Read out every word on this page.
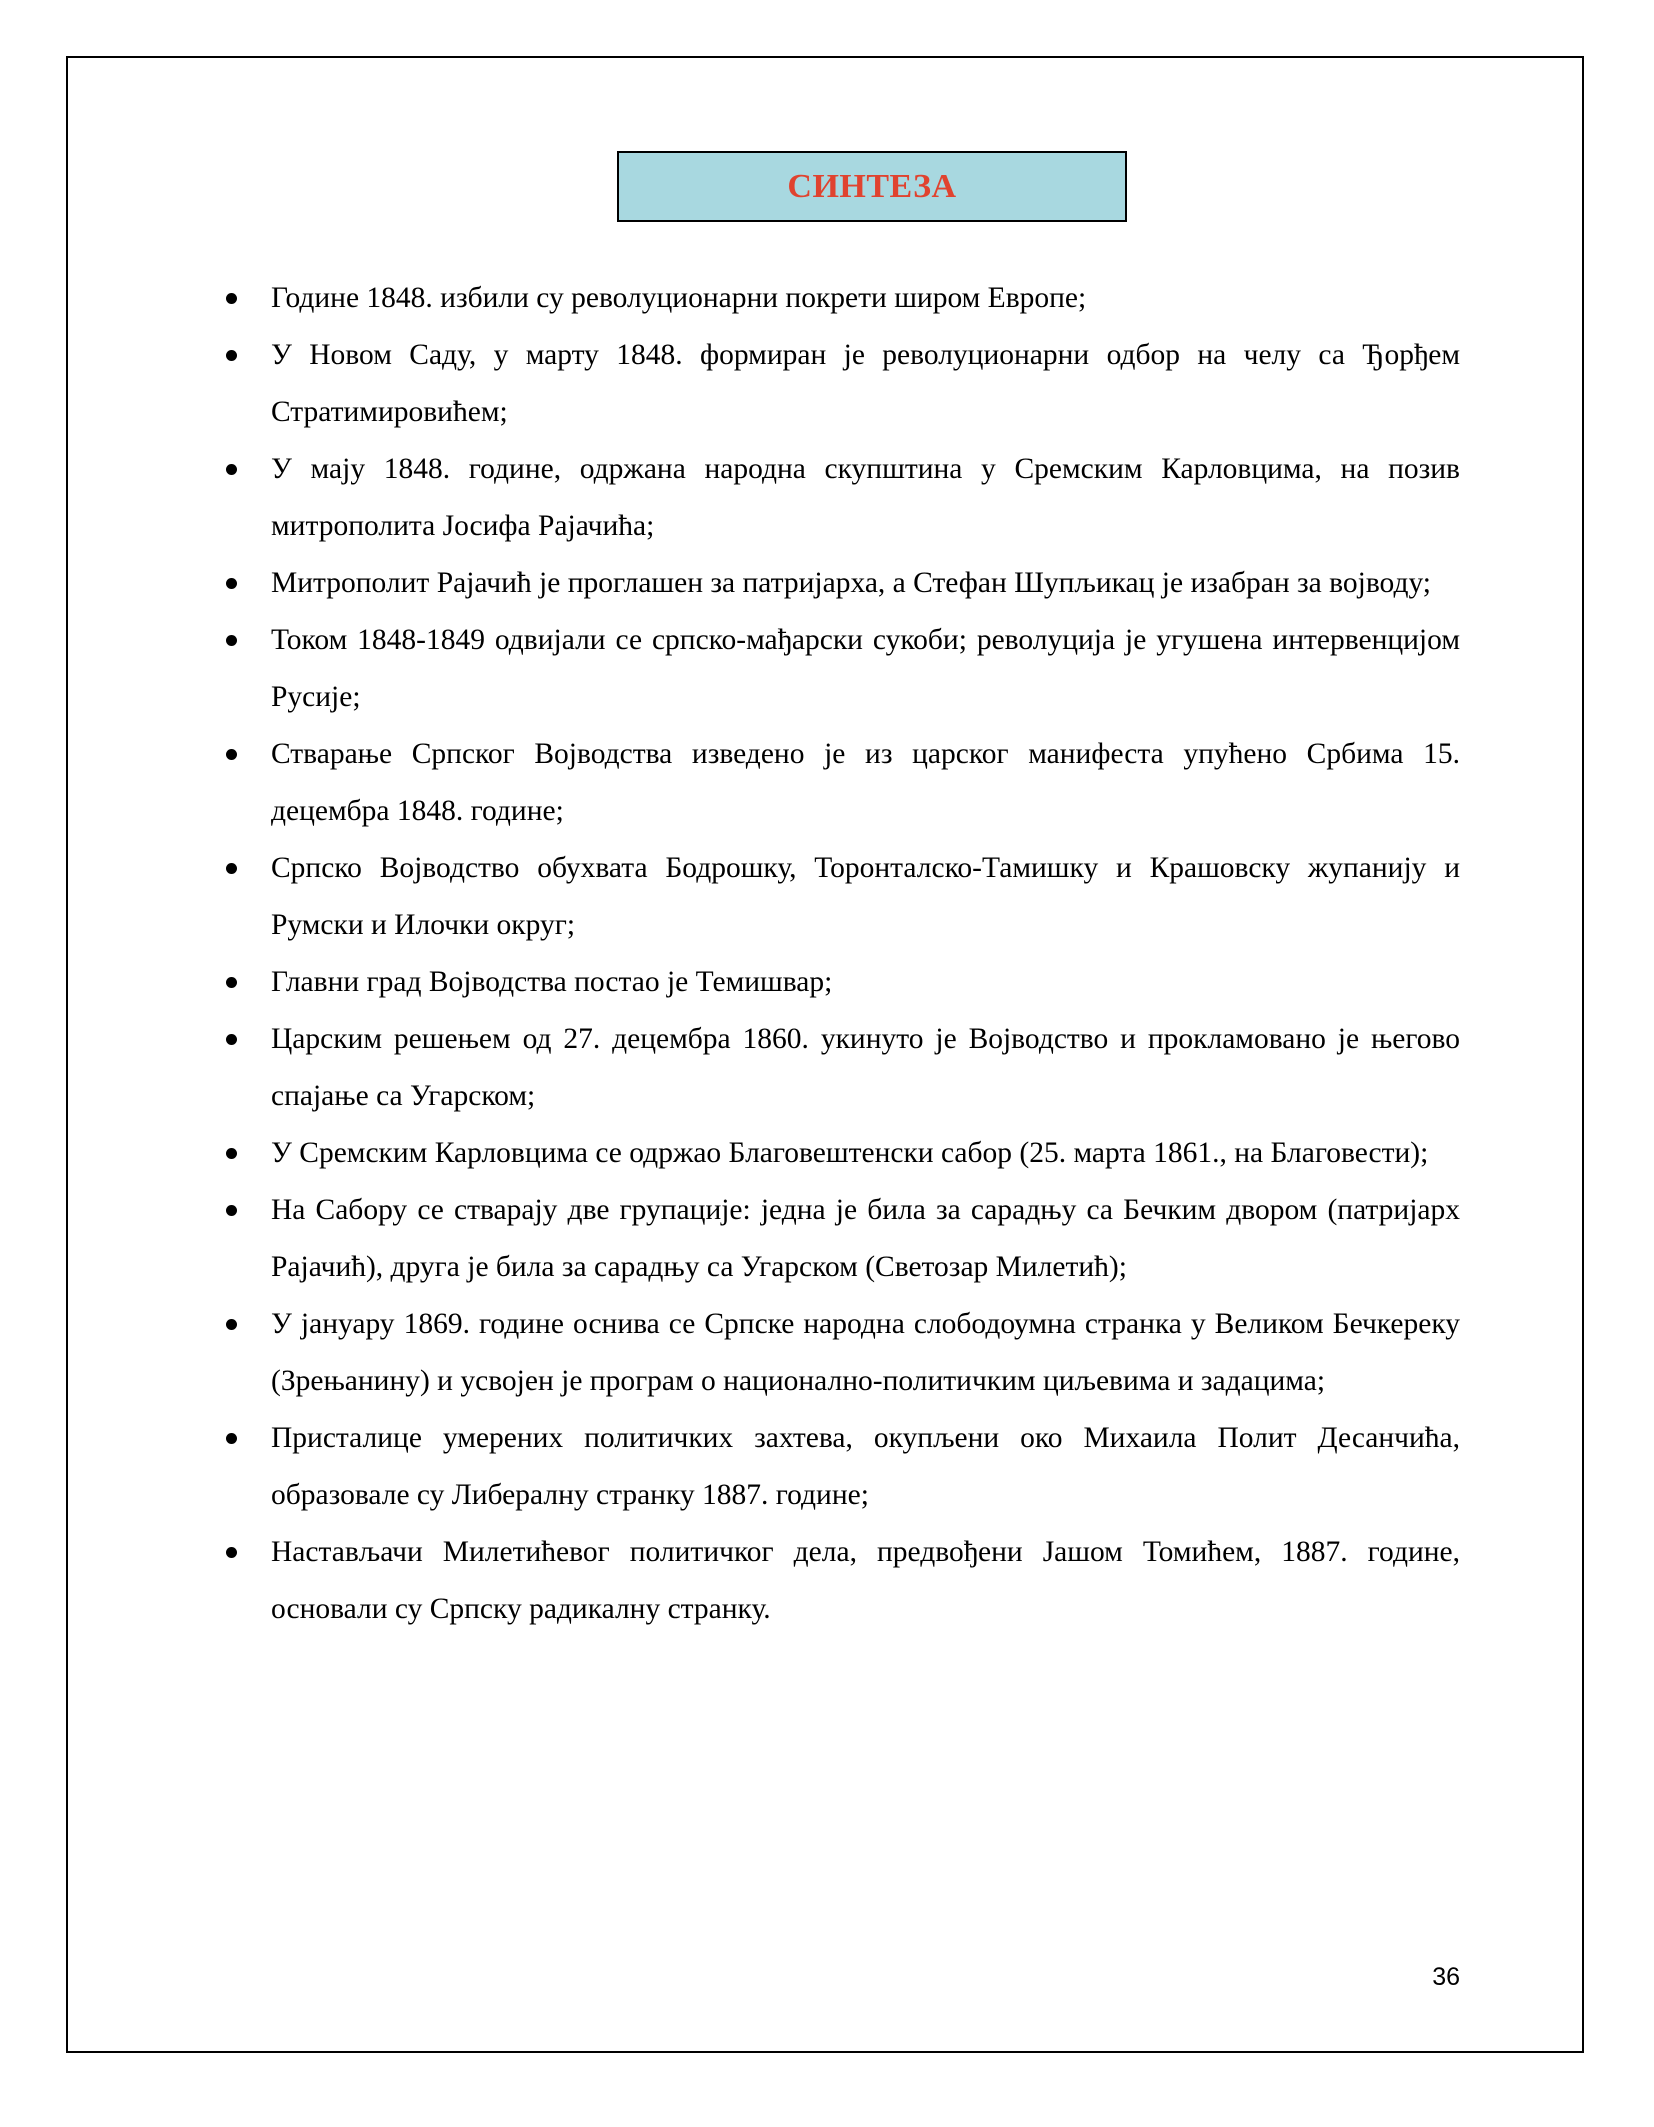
СИНТЕЗА
Године 1848. избили су револуционарни покрети широм Европе;
У Новом Саду, у марту 1848. формиран је револуционарни одбор на челу са Ђорђем Стратимировићем;
У мају 1848. године, одржана народна скупштина у Сремским Карловцима, на позив митрополита Јосифа Рајачића;
Митрополит Рајачић је проглашен за патријарха, а Стефан Шупљикац је изабран за војводу;
Током 1848-1849 одвијали се српско-мађарски сукоби; револуција је угушена интервенцијом Русије;
Стварање Српског Војводства изведено је из царског манифеста упућено Србима 15. децембра 1848. године;
Српско Војводство обухвата Бодрошку, Торонталско-Тамишку и Крашовску жупанију и Румски и Илочки округ;
Главни град Војводства постао је Темишвар;
Царским решењем од 27. децембра 1860. укинуто је Војводство и прокламовано је његово спајање са Угарском;
У Сремским Карловцима се одржао Благовештенски сабор (25. марта 1861., на Благовести);
На Сабору се стварају две групације: једна је била за сарадњу са Бечким двором (патријарх Рајачић), друга је била за сарадњу са Угарском (Светозар Милетић);
У јануару 1869. године оснива се Српске народна слободоумна странка у Великом Бечкереку (Зрењанину) и усвојен је програм о национално-политичким циљевима и задацима;
Присталице умерених политичких захтева, окупљени око Михаила Полит Десанчића, образовале су Либералну странку 1887. године;
Настављачи Милетићевог политичког дела, предвођени Јашом Томићем, 1887. године, основали су Српску радикалну странку.
36
